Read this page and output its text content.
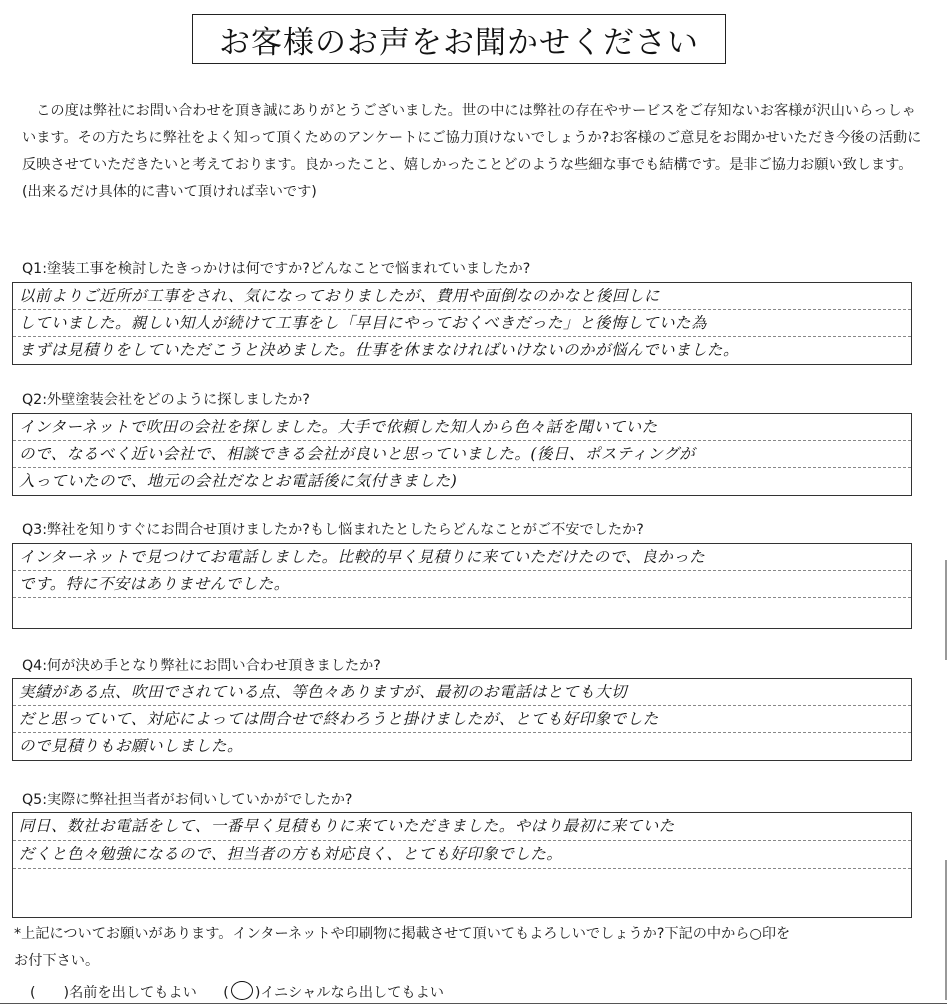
お客様のお声をお聞かせください

この度は弊社にお問い合わせを頂き誠にありがとうございました。世の中には弊社の存在やサービスをご存知ないお客様が沢山いらっしゃいます。その方たちに弊社をよく知って頂くためのアンケートにご協力頂けないでしょうか?お客様のご意見をお聞かせいただき今後の活動に反映させていただきたいと考えております。良かったこと、嬉しかったことどのような些細な事でも結構です。是非ご協力お願い致します。(出来るだけ具体的に書いて頂ければ幸いです)

Q1:塗装工事を検討したきっかけは何ですか?どんなことで悩まれていましたか?
以前よりご近所が工事をされ、気になっておりましたが、費用や面倒なのかなと後回しに
していました。親しい知人が続けて工事をし「早目にやっておくべきだった」と後悔していた為
まずは見積りをしていただこうと決めました。仕事を休まなければいけないのかが悩んでいました。
Q2:外壁塗装会社をどのように探しましたか?
インターネットで吹田の会社を探しました。大手で依頼した知人から色々話を聞いていた
ので、なるべく近い会社で、相談できる会社が良いと思っていました。(後日、ポスティングが
入っていたので、地元の会社だなとお電話後に気付きました)
Q3:弊社を知りすぐにお問合せ頂けましたか?もし悩まれたとしたらどんなことがご不安でしたか?
インターネットで見つけてお電話しました。比較的早く見積りに来ていただけたので、良かった
です。特に不安はありませんでした。
Q4:何が決め手となり弊社にお問い合わせ頂きましたか?
実績がある点、吹田でされている点、等色々ありますが、最初のお電話はとても大切
だと思っていて、対応によっては問合せで終わろうと掛けましたが、とても好印象でした
ので見積りもお願いしました。
Q5:実際に弊社担当者がお伺いしていかがでしたか?
同日、数社お電話をして、一番早く見積もりに来ていただきました。やはり最初に来ていた
だくと色々勉強になるので、担当者の方も対応良く、とても好印象でした。

*上記についてお願いがあります。インターネットや印刷物に掲載させて頂いてもよろしいでしょうか?下記の中から○印を

お付下さい。

( )名前を出してもよい ( )イニシャルなら出してもよい
